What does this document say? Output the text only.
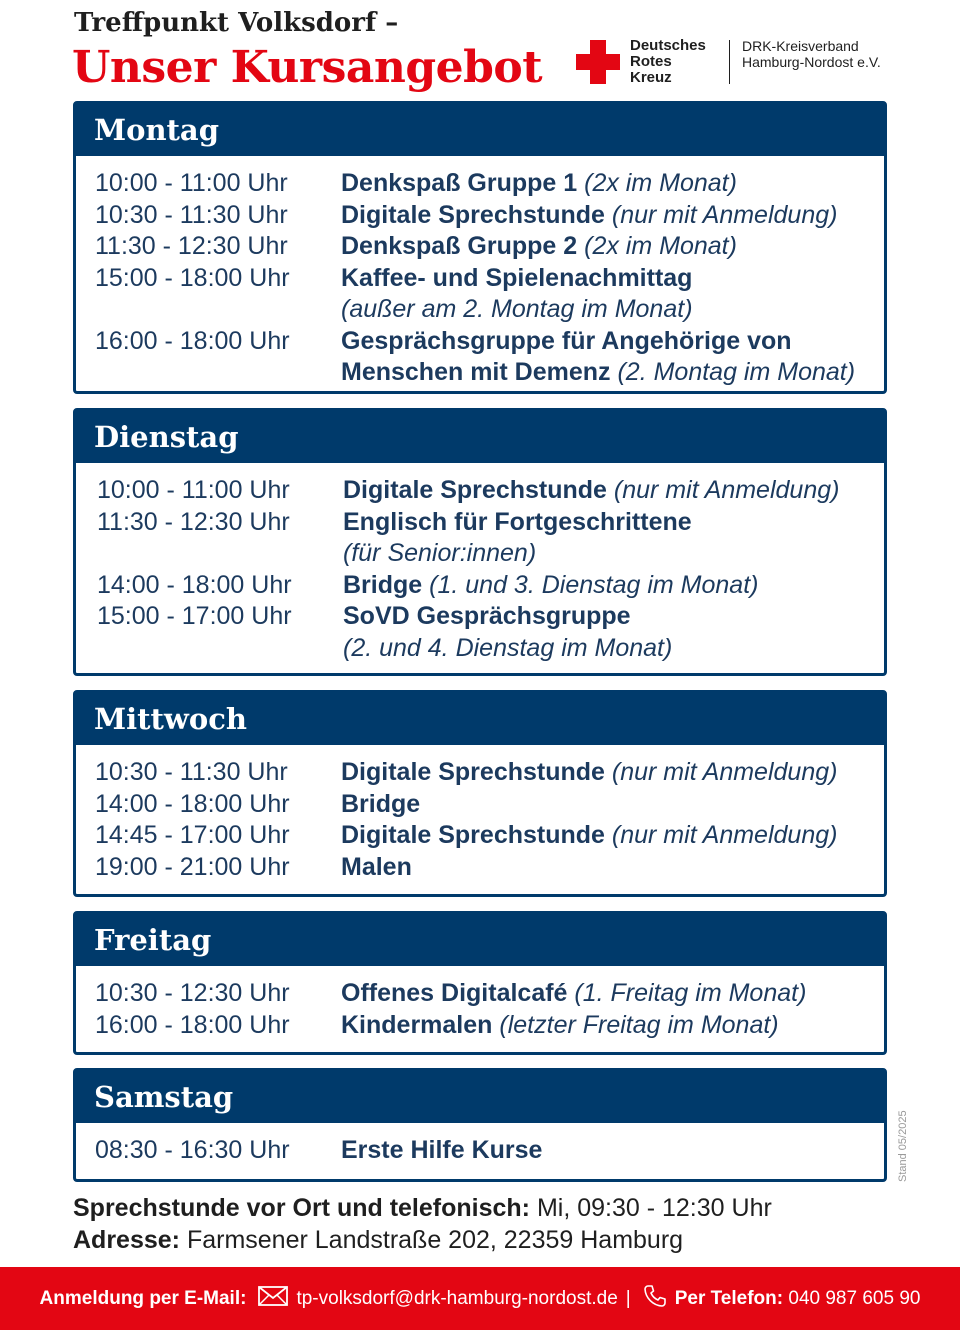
Treffpunkt Volksdorf –
Unser Kursangebot	Deutsches
Rotes
Kreuz
DRK-Kreisverband
Hamburg-Nordost e.V.
Montag
10:00 - 11:00 Uhr	Denkspaß Gruppe 1 (2x im Monat)
10:30 - 11:30 Uhr	Digitale Sprechstunde (nur mit Anmeldung)
11:30 - 12:30 Uhr	Denkspaß Gruppe 2 (2x im Monat)
15:00 - 18:00 Uhr	Kaffee- und Spielenachmittag
(außer am 2. Montag im Monat)
16:00 - 18:00 Uhr	Gesprächsgruppe für Angehörige von Menschen mit Demenz (2. Montag im Monat)
Dienstag
10:00 - 11:00 Uhr	Digitale Sprechstunde (nur mit Anmeldung)
11:30 - 12:30 Uhr	Englisch für Fortgeschrittene
(für Senior:innen)
14:00 - 18:00 Uhr	Bridge (1. und 3. Dienstag im Monat)
15:00 - 17:00 Uhr	SoVD Gesprächsgruppe
(2. und 4. Dienstag im Monat)
Mittwoch
10:30 - 11:30 Uhr	Digitale Sprechstunde (nur mit Anmeldung)
14:00 - 18:00 Uhr	Bridge
14:45 - 17:00 Uhr	Digitale Sprechstunde (nur mit Anmeldung)
19:00 - 21:00 Uhr	Malen
Freitag
10:30 - 12:30 Uhr	Offenes Digitalcafé (1. Freitag im Monat)
16:00 - 18:00 Uhr	Kindermalen (letzter Freitag im Monat)
Samstag
08:30 - 16:30 Uhr	Erste Hilfe Kurse	Stand 05/2025
Sprechstunde vor Ort und telefonisch: Mi, 09:30 - 12:30 Uhr
Adresse: Farmsener Landstraße 202, 22359 Hamburg
Anmeldung per E-Mail:	tp-volksdorf@drk-hamburg-nordost.de | Per Telefon:
040 987 605 90
